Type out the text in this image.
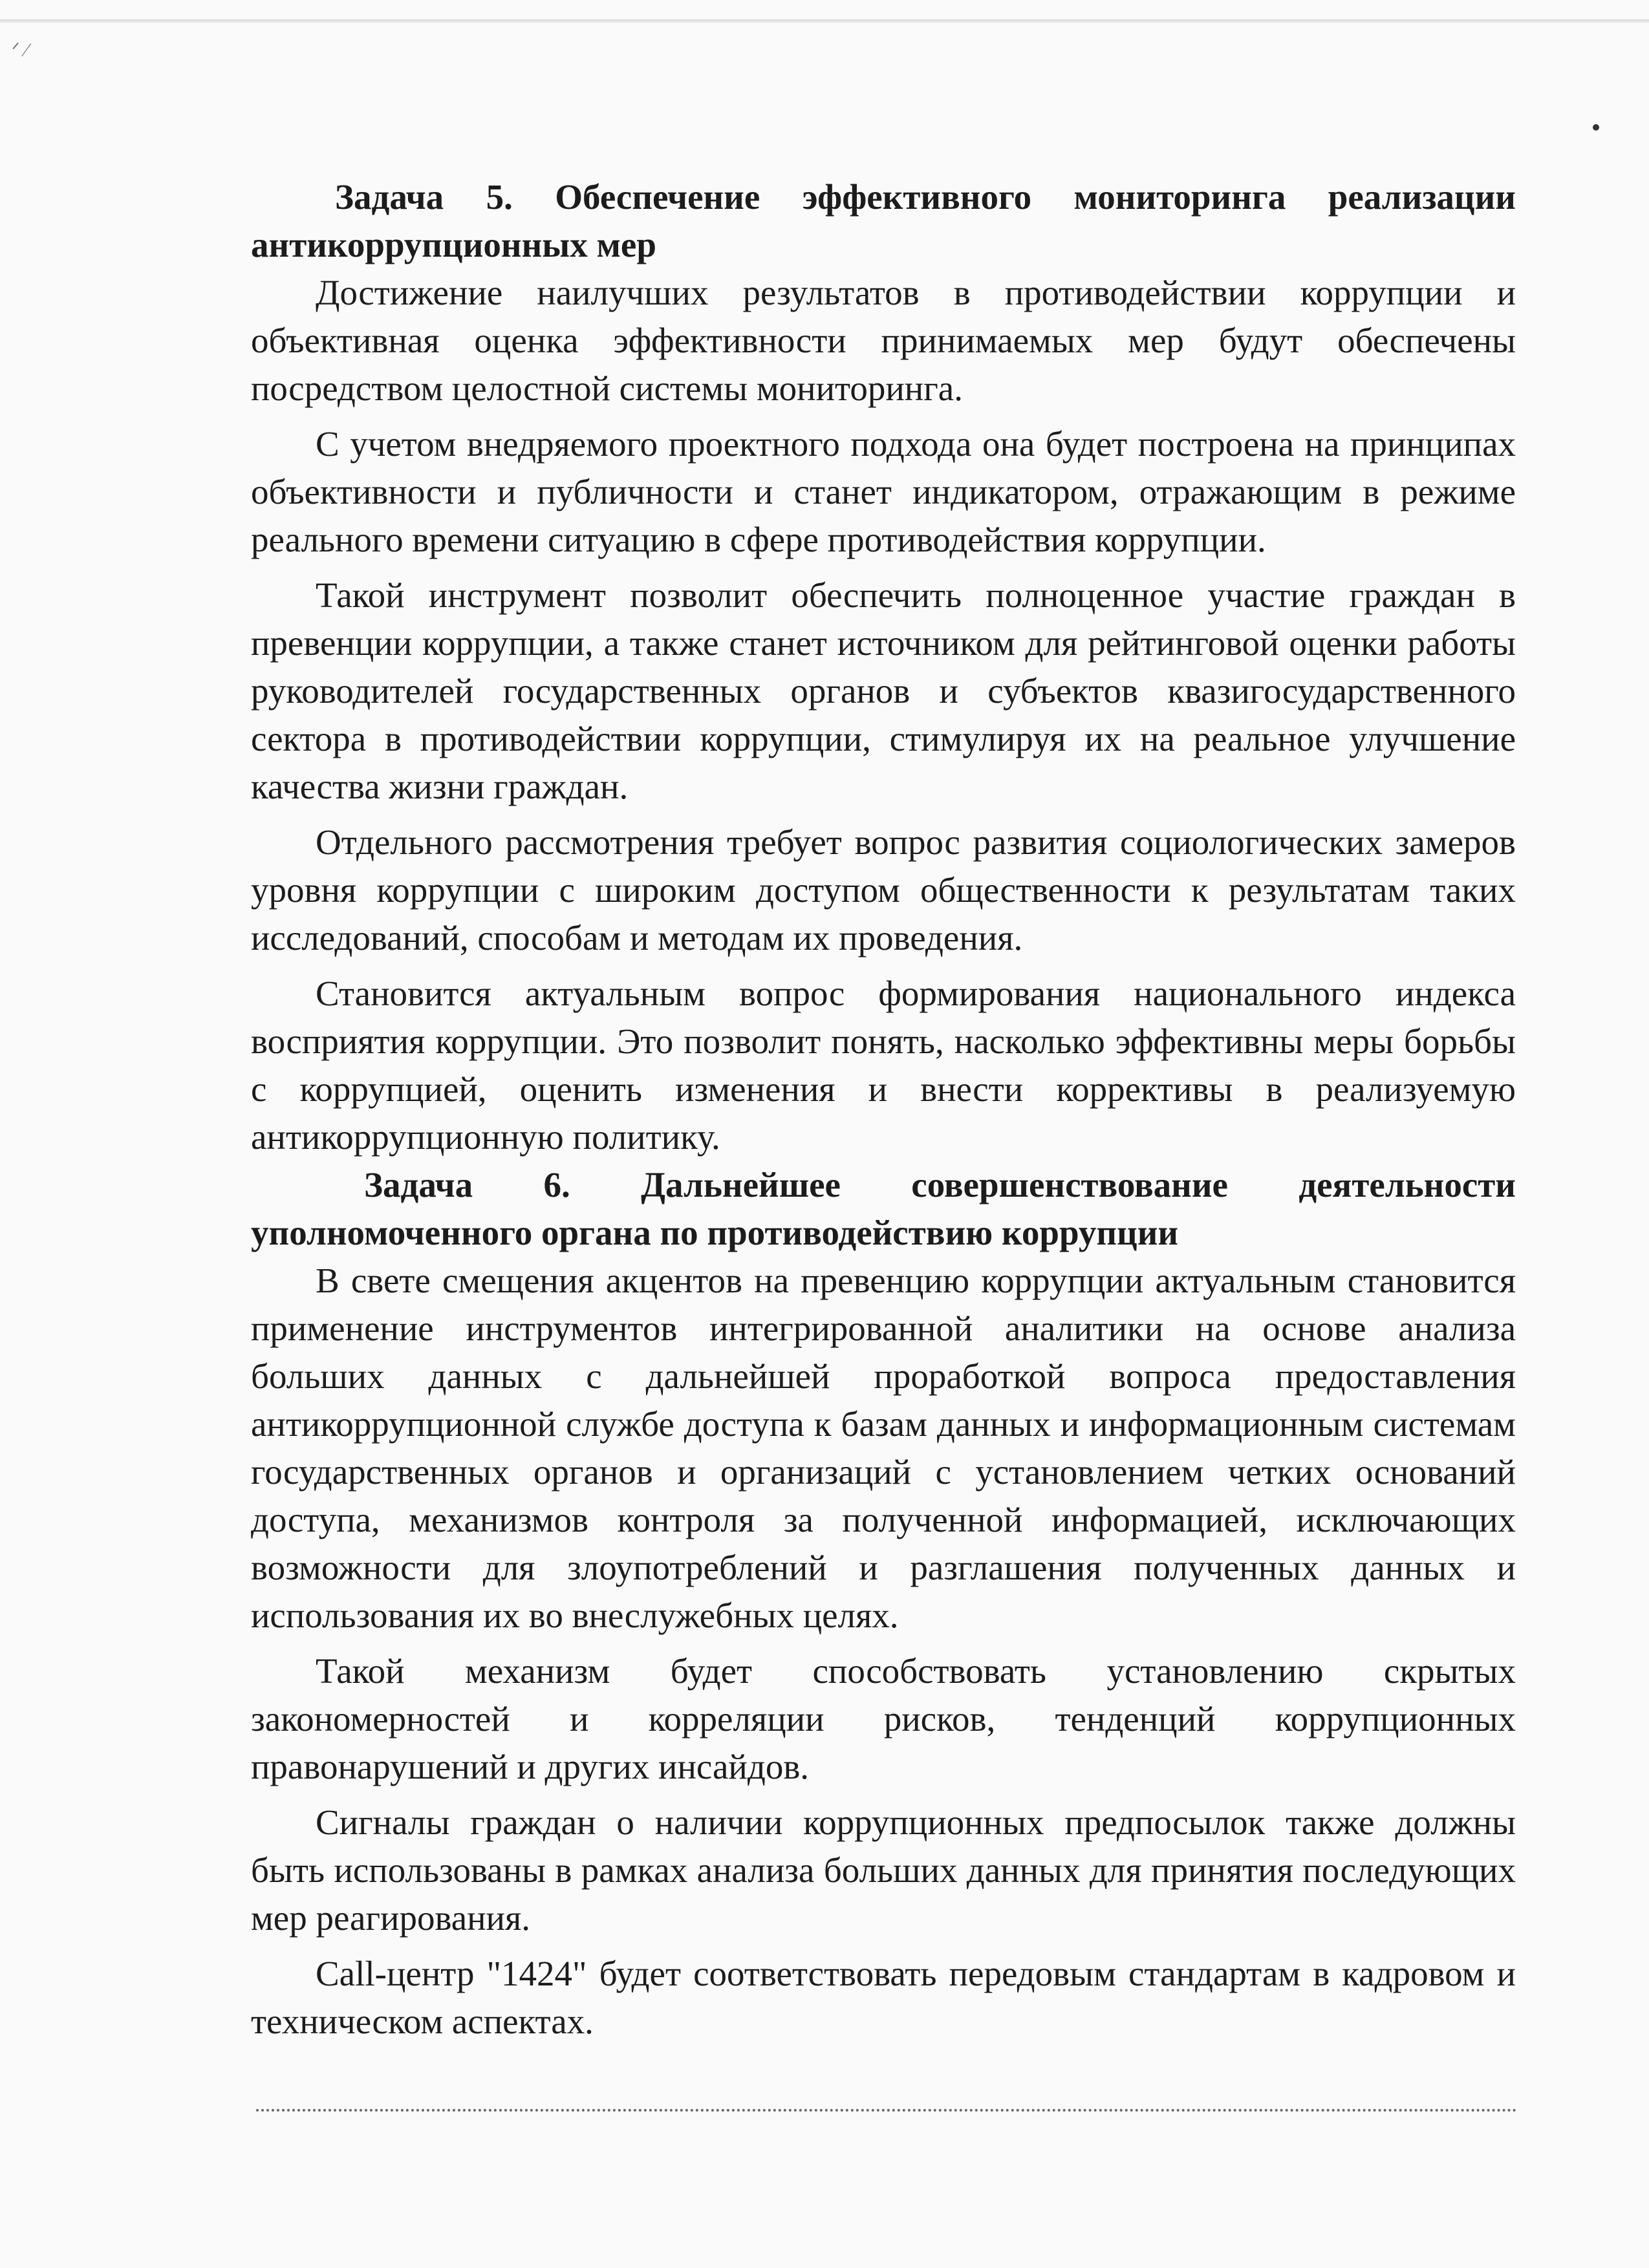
ᐟ ⁄

Задача 5. Обеспечение эффективного мониторинга реализации антикоррупционных мер

Достижение наилучших результатов в противодействии коррупции и объективная оценка эффективности принимаемых мер будут обеспечены посредством целостной системы мониторинга.

С учетом внедряемого проектного подхода она будет построена на принципах объективности и публичности и станет индикатором, отражающим в режиме реального времени ситуацию в сфере противодействия коррупции.

Такой инструмент позволит обеспечить полноценное участие граждан в превенции коррупции, а также станет источником для рейтинговой оценки работы руководителей государственных органов и субъектов квазигосударственного сектора в противодействии коррупции, стимулируя их на реальное улучшение качества жизни граждан.

Отдельного рассмотрения требует вопрос развития социологических замеров уровня коррупции с широким доступом общественности к результатам таких исследований, способам и методам их проведения.

Становится актуальным вопрос формирования национального индекса восприятия коррупции. Это позволит понять, насколько эффективны меры борьбы с коррупцией, оценить изменения и внести коррективы в реализуемую антикоррупционную политику.

Задача 6. Дальнейшее совершенствование деятельности уполномоченного органа по противодействию коррупции

В свете смещения акцентов на превенцию коррупции актуальным становится применение инструментов интегрированной аналитики на основе анализа больших данных с дальнейшей проработкой вопроса предоставления антикоррупционной службе доступа к базам данных и информационным системам государственных органов и организаций с установлением четких оснований доступа, механизмов контроля за полученной информацией, исключающих возможности для злоупотреблений и разглашения полученных данных и использования их во внеслужебных целях.

Такой механизм будет способствовать установлению скрытых закономерностей и корреляции рисков, тенденций коррупционных правонарушений и других инсайдов.

Сигналы граждан о наличии коррупционных предпосылок также должны быть использованы в рамках анализа больших данных для принятия последующих мер реагирования.

Call-центр "1424" будет соответствовать передовым стандартам в кадровом и техническом аспектах.
